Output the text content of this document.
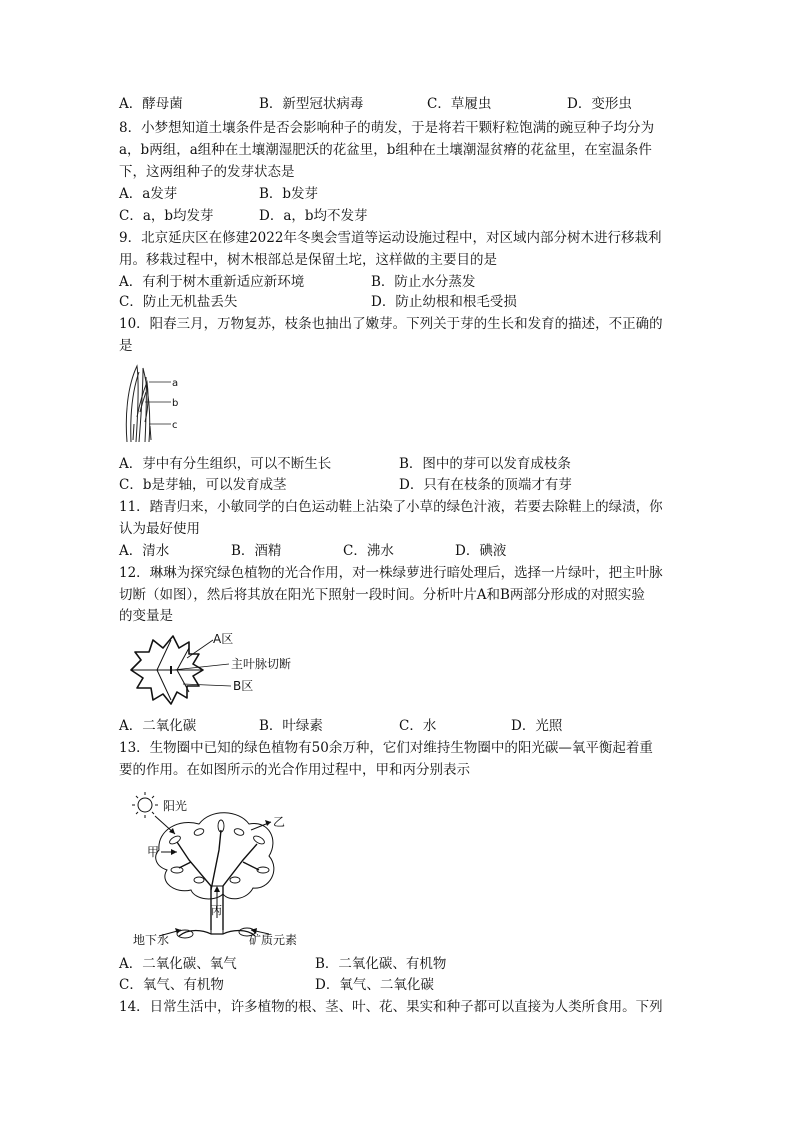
A．酵母菌	B．新型冠状病毒	C．草履虫	D．变形虫
8．小梦想知道土壤条件是否会影响种子的萌发，于是将若干颗籽粒饱满的豌豆种子均分为
a，b两组，a组种在土壤潮湿肥沃的花盆里，b组种在土壤潮湿贫瘠的花盆里，在室温条件
下，这两组种子的发芽状态是
A．a发芽	B．b发芽
C．a，b均发芽	D．a，b均不发芽
9．北京延庆区在修建2022年冬奥会雪道等运动设施过程中，对区域内部分树木进行移栽利
用。移栽过程中，树木根部总是保留土坨，这样做的主要目的是
A．有利于树木重新适应新环境	B．防止水分蒸发
C．防止无机盐丢失	D．防止幼根和根毛受损
10．阳春三月，万物复苏，枝条也抽出了嫩芽。下列关于芽的生长和发育的描述，不正确的
是
a
b
c
A．芽中有分生组织，可以不断生长	B．图中的芽可以发育成枝条
C．b是芽轴，可以发育成茎	D．只有在枝条的顶端才有芽
11．踏青归来，小敏同学的白色运动鞋上沾染了小草的绿色汁液，若要去除鞋上的绿渍，你
认为最好使用
A．清水	B．酒精	C．沸水	D．碘液
12．琳琳为探究绿色植物的光合作用，对一株绿萝进行暗处理后，选择一片绿叶，把主叶脉
切断（如图），然后将其放在阳光下照射一段时间。分析叶片A和B两部分形成的对照实验
的变量是
A区
主叶脉切断
B区
A．二氧化碳	B．叶绿素	C．水	D．光照
13．生物圈中已知的绿色植物有50余万种，它们对维持生物圈中的阳光碳—氧平衡起着重
要的作用。在如图所示的光合作用过程中，甲和丙分别表示
阳光
丙
乙
甲
地下水	矿质元素
A．二氧化碳、氧气	B．二氧化碳、有机物
C．氧气、有机物	D．氧气、二氧化碳
14．日常生活中，许多植物的根、茎、叶、花、果实和种子都可以直接为人类所食用。下列
